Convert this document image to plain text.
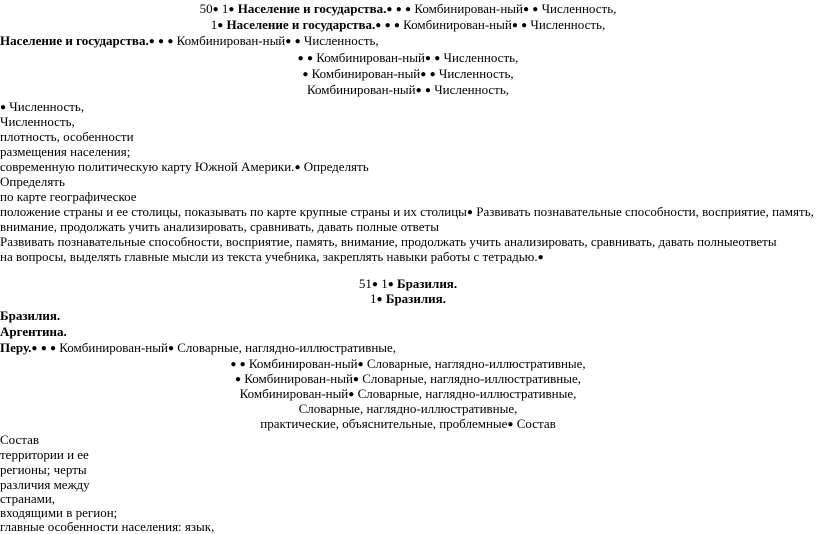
50● 1● Население и государства.● ● ● Комбинирован-ный● ● Численность,
1● Население и государства.● ● ● Комбинирован-ный● ● Численность,
Население и государства.● ● ● Комбинирован-ный● ● Численность,
● ● Комбинирован-ный● ● Численность,
● Комбинирован-ный● ● Численность,
Комбинирован-ный● ● Численность,
● Численность,
Численность,
плотность, особенности
размещения населения;
современную политическую карту Южной Америки.● Определять
Определять
по карте географическое
положение страны и ее столицы, показывать по карте крупные страны и их столицы● Развивать познавательные способности, восприятие, память,
внимание, продолжать учить анализировать, сравнивать, давать полные ответы
Развивать познавательные способности, восприятие, память, внимание, продолжать учить анализировать, сравнивать, давать полныеответы
на вопросы, выделять главные мысли из текста учебника, закреплять навыки работы с тетрадью.●
51● 1● Бразилия.
1● Бразилия.
Бразилия.
Аргентина.
Перу.● ● ● Комбинирован-ный● Словарные, наглядно-иллюстративные,
● ● Комбинирован-ный● Словарные, наглядно-иллюстративные,
● Комбинирован-ный● Словарные, наглядно-иллюстративные,
Комбинирован-ный● Словарные, наглядно-иллюстративные,
Словарные, наглядно-иллюстративные,
практические, объяснительные, проблемные● Состав
Состав
территории и ее
регионы; черты
различия между
странами,
входящими в регион;
главные особенности населения: язык,
